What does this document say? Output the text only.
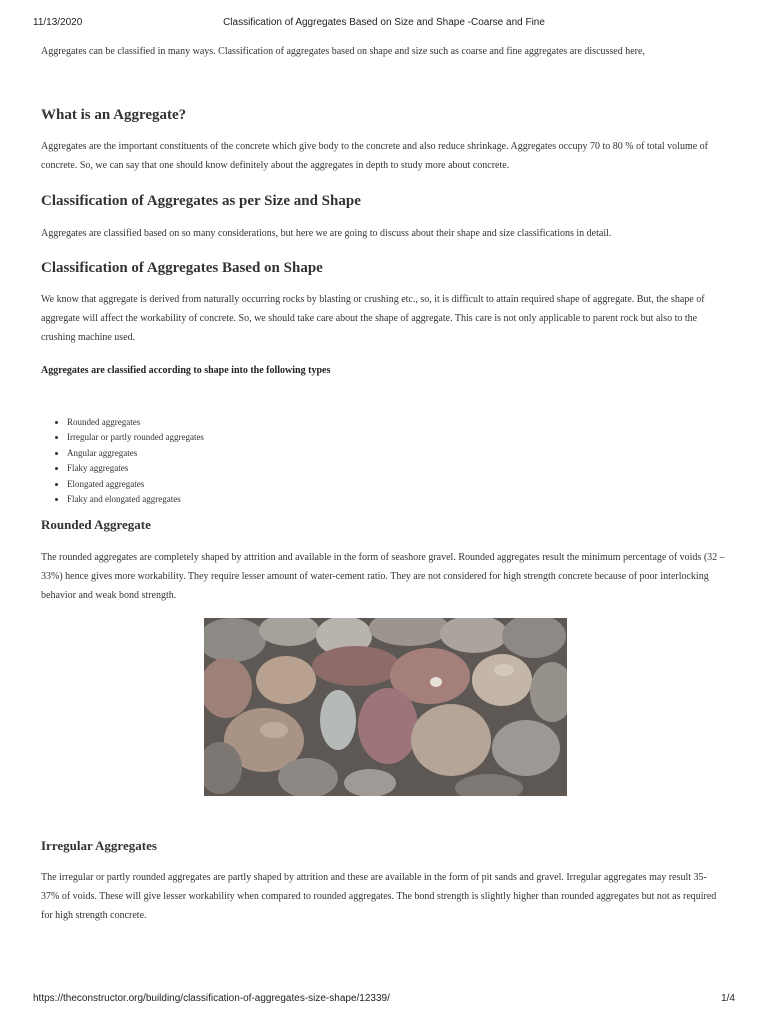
11/13/2020	Classification of Aggregates Based on Size and Shape -Coarse and Fine

Aggregates can be classified in many ways. Classification of aggregates based on shape and size such as coarse and fine aggregates are discussed here,

What is an Aggregate?

Aggregates are the important constituents of the concrete which give body to the concrete and also reduce shrinkage. Aggregates occupy 70 to 80 % of total volume of concrete. So, we can say that one should know definitely about the aggregates in depth to study more about concrete.

Classification of Aggregates as per Size and Shape

Aggregates are classified based on so many considerations, but here we are going to discuss about their shape and size classifications in detail.

Classification of Aggregates Based on Shape

We know that aggregate is derived from naturally occurring rocks by blasting or crushing etc., so, it is difficult to attain required shape of aggregate. But, the shape of aggregate will affect the workability of concrete. So, we should take care about the shape of aggregate. This care is not only applicable to parent rock but also to the crushing machine used.

Aggregates are classified according to shape into the following types

• Rounded aggregates
• Irregular or partly rounded aggregates
• Angular aggregates
• Flaky aggregates
• Elongated aggregates
• Flaky and elongated aggregates
Rounded Aggregate

The rounded aggregates are completely shaped by attrition and available in the form of seashore gravel. Rounded aggregates result the minimum percentage of voids (32 – 33%) hence gives more workability. They require lesser amount of water-cement ratio. They are not considered for high strength concrete because of poor interlocking behavior and weak bond strength.

Irregular Aggregates

The irregular or partly rounded aggregates are partly shaped by attrition and these are available in the form of pit sands and gravel. Irregular aggregates may result 35- 37% of voids. These will give lesser workability when compared to rounded aggregates. The bond strength is slightly higher than rounded aggregates but not as required for high strength concrete.

https://theconstructor.org/building/classification-of-aggregates-size-shape/12339/	1/4
